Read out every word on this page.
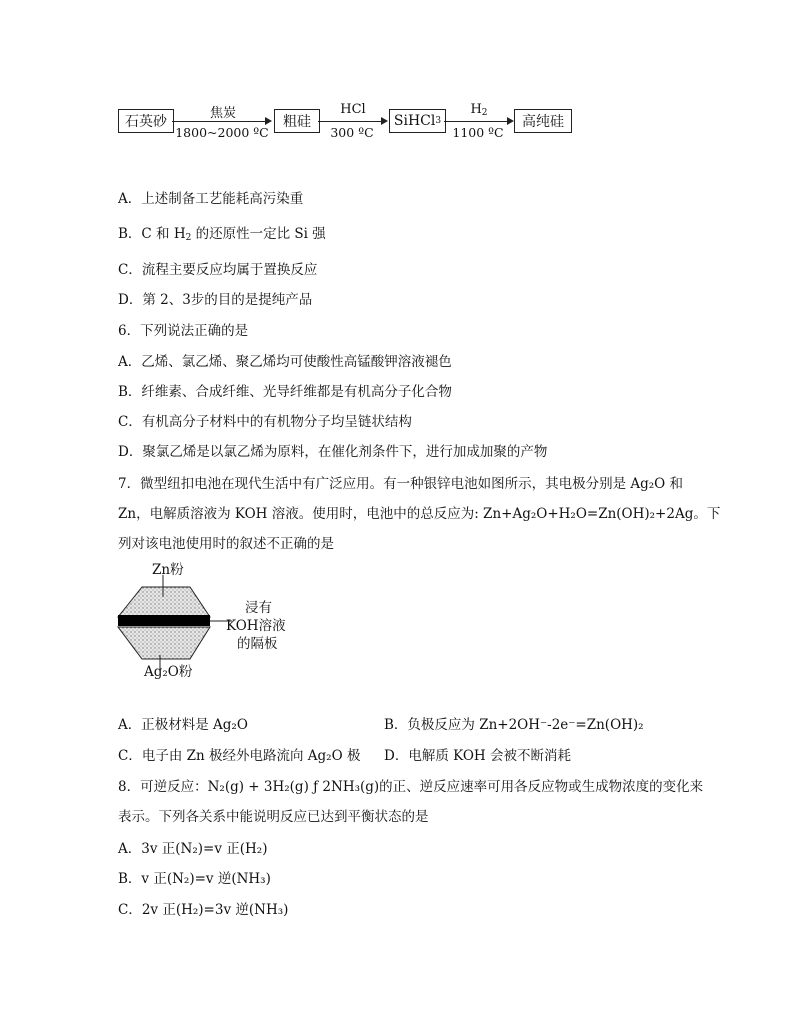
石英砂
焦炭
1800~2000 ºC
粗硅
HCl
300 ºC
SiHCl 3
$H_2$
1100 ºC
高纯硅
A．上述制备工艺能耗高污染重
B．C 和 $H_2$ 的还原性一定比 Si 强
C．流程主要反应均属于置换反应
D．第 2、3步的目的是提纯产品
6．下列说法正确的是
A．乙烯、氯乙烯、聚乙烯均可使酸性高锰酸钾溶液褪色
B．纤维素、合成纤维、光导纤维都是有机高分子化合物
C．有机高分子材料中的有机物分子均呈链状结构
D．聚氯乙烯是以氯乙烯为原料，在催化剂条件下，进行加成加聚的产物
7．微型纽扣电池在现代生活中有广泛应用。有一种银锌电池如图所示，其电极分别是 Ag₂O 和
Zn，电解质溶液为 KOH 溶液。使用时，电池中的总反应为: Zn+Ag₂O+H₂O=Zn(OH)₂+2Ag。下
列对该电池使用时的叙述不正确的是
Zn粉
浸有
KOH溶液
的隔板
Ag₂O粉
A．正极材料是 Ag₂O	B．负极反应为 Zn+2OH⁻-2e⁻=Zn(OH)₂
C．电子由 Zn 极经外电路流向 Ag₂O 极 D．电解质 KOH 会被不断消耗
8．可逆反应：N₂(g) + 3H₂(g) ƒ 2NH₃(g)的正、逆反应速率可用各反应物或生成物浓度的变化来
表示。下列各关系中能说明反应已达到平衡状态的是
A．3v 正(N₂)=v 正(H₂)
B．v 正(N₂)=v 逆(NH₃)
C．2v 正(H₂)=3v 逆(NH₃)
